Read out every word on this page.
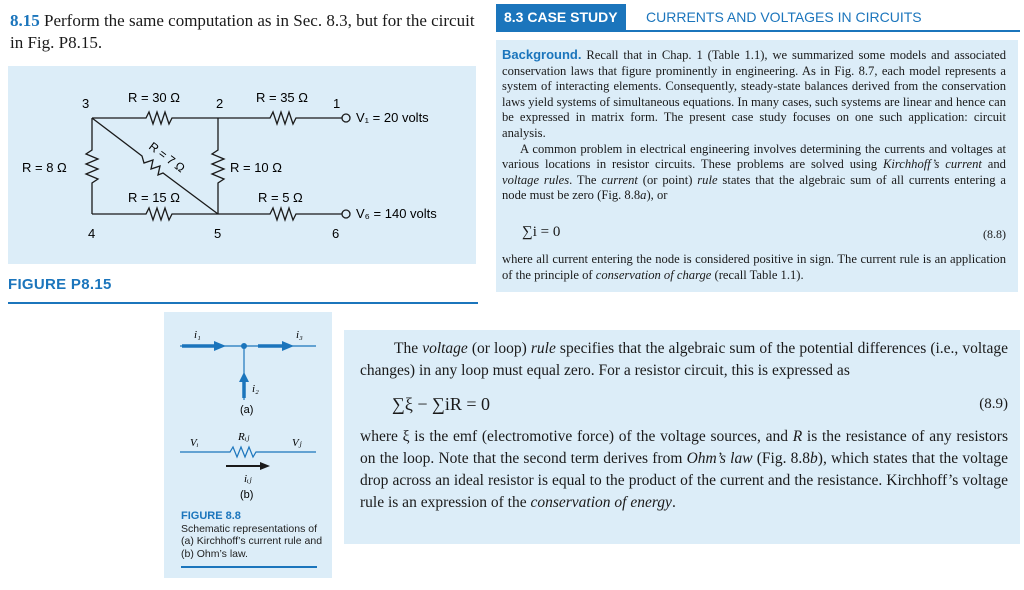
8.15 Perform the same computation as in Sec. 8.3, but for the circuit in Fig. P8.15.
3	2	1
4	5	6
R = 30 Ω	R = 35 Ω
R = 8 Ω	R = 7 Ω	R = 10 Ω
R = 15 Ω	R = 5 Ω
V₁ = 20 volts
V₆ = 140 volts
FIGURE P8.15
8.3 CASE STUDY	CURRENTS AND VOLTAGES IN CIRCUITS

Background. Recall that in Chap. 1 (Table 1.1), we summarized some models and associated conservation laws that figure prominently in engineering. As in Fig. 8.7, each model represents a system of interacting elements. Consequently, steady-state balances derived from the conservation laws yield systems of simultaneous equations. In many cases, such systems are linear and hence can be expressed in matrix form. The present case study focuses on one such application: circuit analysis.

A common problem in electrical engineering involves determining the currents and voltages at various locations in resistor circuits. These problems are solved using Kirchhoff’s current and voltage rules. The current (or point) rule states that the algebraic sum of all currents entering a node must be zero (Fig. 8.8a), or

∑i = 0	(8.8)
where all current entering the node is considered positive in sign. The current rule is an application of the principle of conservation of charge (recall Table 1.1).
i₁	i₃
i₂
(a)
Vᵢ	Vⱼ
Rᵢⱼ
iᵢⱼ
(b)
FIGURE 8.8
Schematic representations of (a) Kirchhoff’s current rule and (b) Ohm’s law.

The voltage (or loop) rule specifies that the algebraic sum of the potential differences (i.e., voltage changes) in any loop must equal zero. For a resistor circuit, this is expressed as

∑ξ − ∑iR = 0	(8.9)

where ξ is the emf (electromotive force) of the voltage sources, and R is the resistance of any resistors on the loop. Note that the second term derives from Ohm’s law (Fig. 8.8b), which states that the voltage drop across an ideal resistor is equal to the product of the current and the resistance. Kirchhoff’s voltage rule is an expression of the conservation of energy.
